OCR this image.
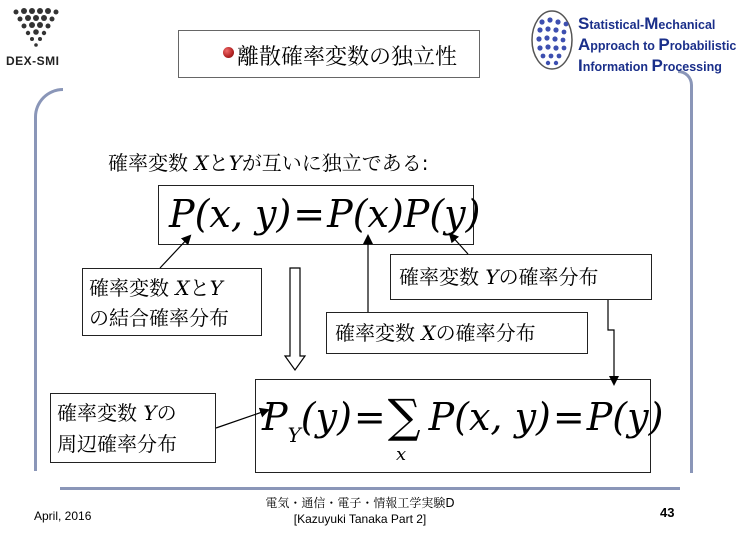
DEX-SMI
Statistical-Mechanical
Approach to Probabilistic
Information Processing
離散確率変数の独立性
確率変数 XとYが互いに独立である:
P(x, y)=P(x)P(y)
確率変数 XとY
の結合確率分布
確率変数 Yの確率分布
確率変数 Xの確率分布
確率変数 Yの
周辺確率分布
$P_Y(y)=\sum$ P(x, y)=P(y)
x
April, 2016
電気・通信・電子・情報工学実験D
[Kazuyuki Tanaka Part 2]	43
